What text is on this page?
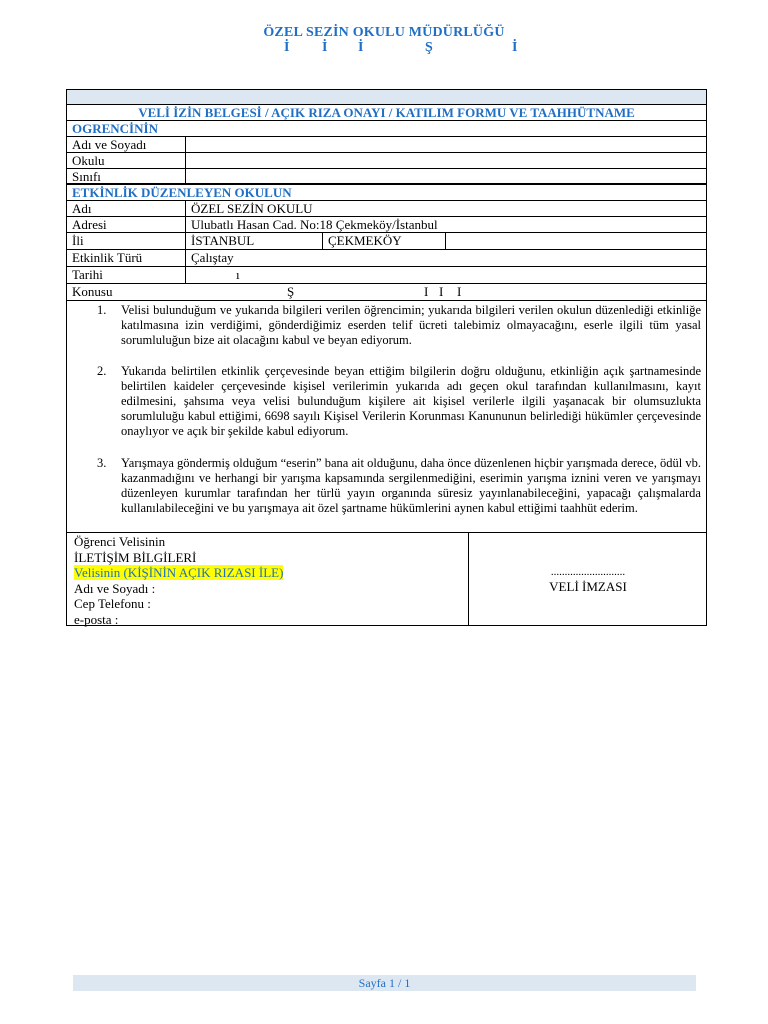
ÖZEL SEZİN OKULU MÜDÜRLÜĞÜ
İ İ İ	Ş	İ
VELİ İZİN BELGESİ / AÇIK RIZA ONAYI / KATILIM FORMU VE TAAHHÜTNAME
OGRENCİNİN
Adı ve Soyadı
Okulu
Sınıfı
ETKİNLİK DÜZENLEYEN OKULUN
Adı	ÖZEL SEZİN OKULU
Adresi	Ulubatlı Hasan Cad. No:18 Çekmeköy/İstanbul
İli	İSTANBUL	ÇEKMEKÖY
Etkinlik Türü	Çalıştay
Tarihi	ı
Konusu	Ş	I I I
1. Velisi bulunduğum ve yukarıda bilgileri verilen öğrencimin; yukarıda bilgileri verilen okulun düzenlediği etkinliğe katılmasına izin verdiğimi, gönderdiğimiz eserden telif ücreti talebimiz olmayacağını, eserle ilgili tüm yasal sorumluluğun bize ait olacağını kabul ve beyan ediyorum.
2. Yukarıda belirtilen etkinlik çerçevesinde beyan ettiğim bilgilerin doğru olduğunu, etkinliğin açık şartnamesinde belirtilen kaideler çerçevesinde kişisel verilerimin yukarıda adı geçen okul tarafından kullanılmasını, kayıt edilmesini, şahsıma veya velisi bulunduğum kişilere ait kişisel verilerle ilgili yaşanacak bir olumsuzlukta sorumluluğu kabul ettiğimi, 6698 sayılı Kişisel Verilerin Korunması Kanununun belirlediği hükümler çerçevesinde onaylıyor ve açık bir şekilde kabul ediyorum.
3. Yarışmaya göndermiş olduğum “eserin” bana ait olduğunu, daha önce düzenlenen hiçbir yarışmada derece, ödül vb. kazanmadığını ve herhangi bir yarışma kapsamında sergilenmediğini, eserimin yarışma iznini veren ve yarışmayı düzenleyen kurumlar tarafından her türlü yayın organında süresiz yayınlanabileceğini, yapacağı çalışmalarda kullanılabileceğini ve bu yarışmaya ait özel şartname hükümlerini aynen kabul ettiğimi taahhüt ederim.
Öğrenci Velisinin
İLETİŞİM BİLGİLERİ
Velisinin (KİŞİNİN AÇIK RIZASI İLE)
Adı ve Soyadı :
Cep Telefonu :
e-posta :
...........................
VELİ İMZASI
Sayfa 1 / 1
